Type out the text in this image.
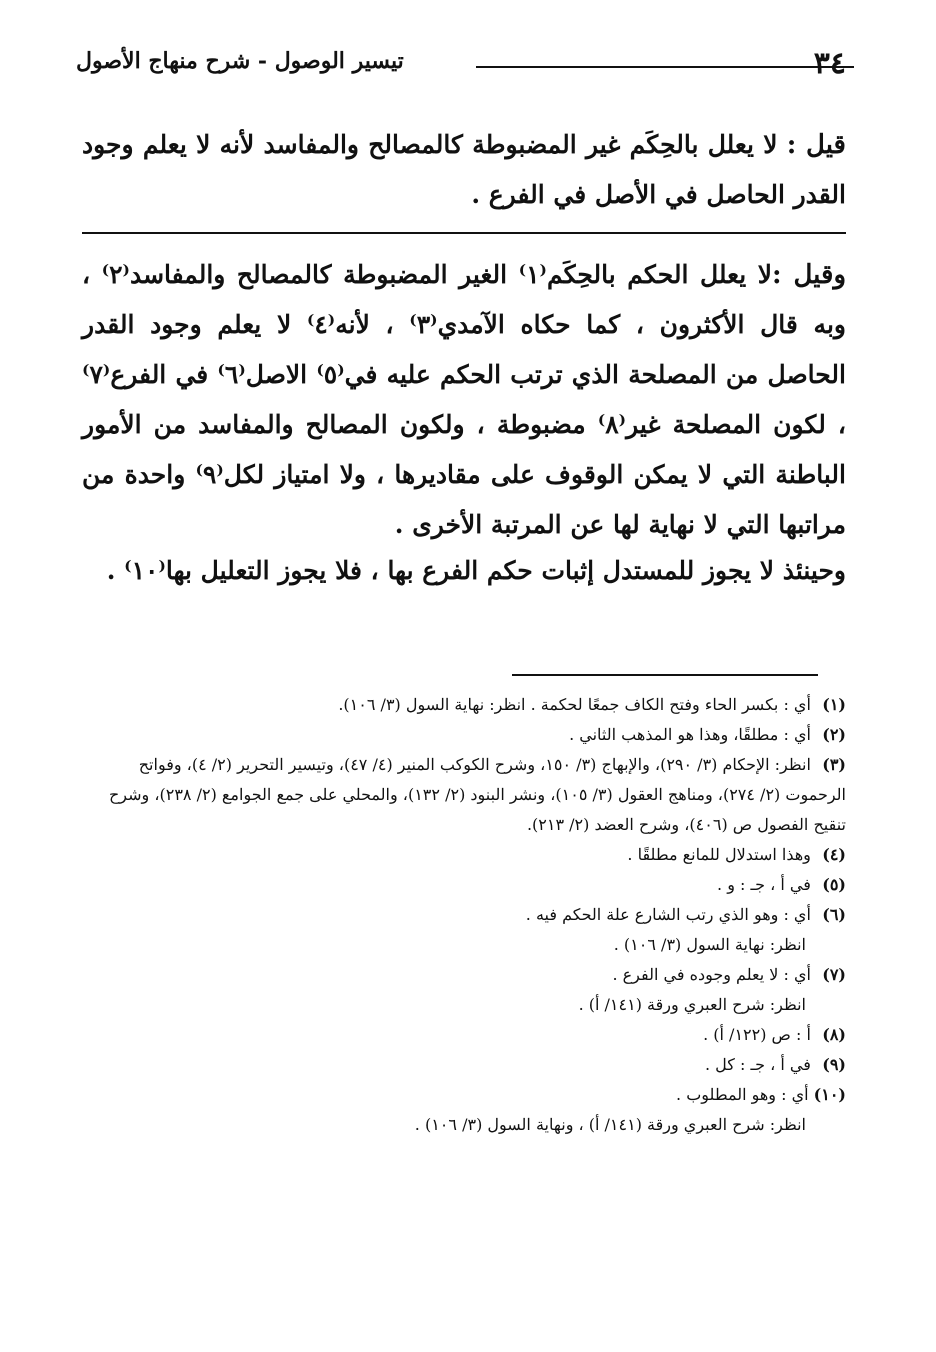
٣٤
تيسير الوصول - شرح منهاج الأصول
قيل : لا يعلل بالحِكَم غير المضبوطة كالمصالح والمفاسد لأنه لا يعلم وجود القدر الحاصل في الأصل في الفرع .
وقيل :لا يعلل الحكم بالحِكَم⁽١⁾ الغير المضبوطة كالمصالح والمفاسد⁽٢⁾ ، وبه قال الأكثرون ، كما حكاه الآمدي⁽٣⁾ ، لأنه⁽٤⁾ لا يعلم وجود القدر الحاصل من المصلحة الذي ترتب الحكم عليه في⁽٥⁾ الاصل⁽٦⁾ في الفرع⁽٧⁾ ، لكون المصلحة غير⁽٨⁾ مضبوطة ، ولكون المصالح والمفاسد من الأمور الباطنة التي لا يمكن الوقوف على مقاديرها ، ولا امتياز لكل⁽٩⁾ واحدة من مراتبها التي لا نهاية لها عن المرتبة الأخرى .
وحينئذ لا يجوز للمستدل إثبات حكم الفرع بها ، فلا يجوز التعليل بها⁽١٠⁾ .

(١) أي : بكسر الحاء وفتح الكاف جمعًا لحكمة . انظر: نهاية السول (٣/ ١٠٦).

(٢) أي : مطلقًا، وهذا هو المذهب الثاني .

(٣) انظر: الإحكام (٣/ ٢٩٠)، والإبهاج (٣/ ١٥٠، وشرح الكوكب المنير (٤/ ٤٧)، وتيسير التحرير (٢/ ٤)، وفواتح الرحموت (٢/ ٢٧٤)، ومناهج العقول (٣/ ١٠٥)، ونشر البنود (٢/ ١٣٢)، والمحلي على جمع الجوامع (٢/ ٢٣٨)، وشرح تنقيح الفصول ص (٤٠٦)، وشرح العضد (٢/ ٢١٣).

(٤) وهذا استدلال للمانع مطلقًا .

(٥) في أ ، جـ : و .

(٦) أي : وهو الذي رتب الشارع علة الحكم فيه .

انظر: نهاية السول (٣/ ١٠٦) .

(٧) أي : لا يعلم وجوده في الفرع .

انظر: شرح العبري ورقة (١٤١/ أ) .

(٨) أ : ص (١٢٢/ أ) .

(٩) في أ ، جـ : كل .

(١٠) أي : وهو المطلوب .

انظر: شرح العبري ورقة (١٤١/ أ) ، ونهاية السول (٣/ ١٠٦) .
